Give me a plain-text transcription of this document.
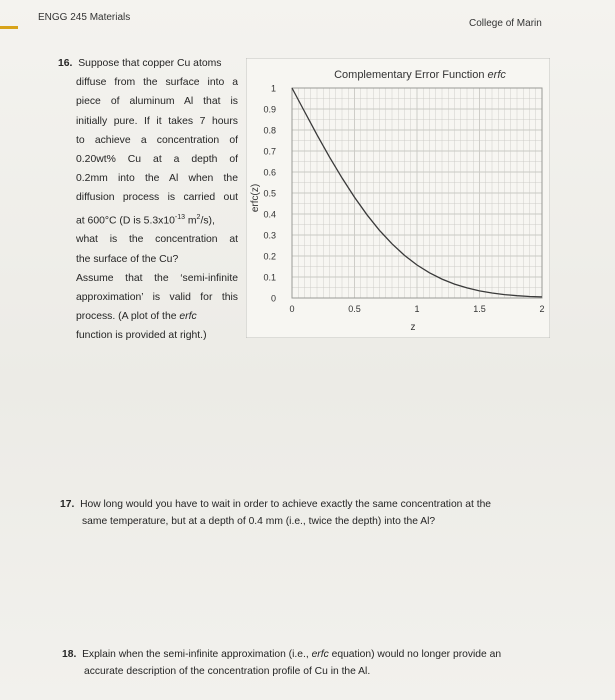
ENGG 245 Materials
College of Marin
16. Suppose that copper Cu atoms
diffuse from the surface into a
piece of aluminum Al that is
initially pure. If it takes 7 hours
to achieve a concentration of
0.20wt% Cu at a depth of
0.2mm into the Al when the
diffusion process is carried out
at 600°C (D is $5.3x10^{-13}$ $m^2/s$),
what is the concentration at
the surface of the Cu?
Assume that the ‘semi-infinite
approximation’ is valid for this
process. (A plot of the erfc
function is provided at right.)
Complementary Error Function erfc
0
0.1
0.2
0.3
0.4
0.5
0.6
0.7
0.8
0.9
1
0	0.5	1	1.5	2
erfc(z)
z
17. How long would you have to wait in order to achieve exactly the same concentration at the
same temperature, but at a depth of 0.4 mm (i.e., twice the depth) into the Al?
18. Explain when the semi-infinite approximation (i.e., erfc equation) would no longer provide an
accurate description of the concentration profile of Cu in the Al.
